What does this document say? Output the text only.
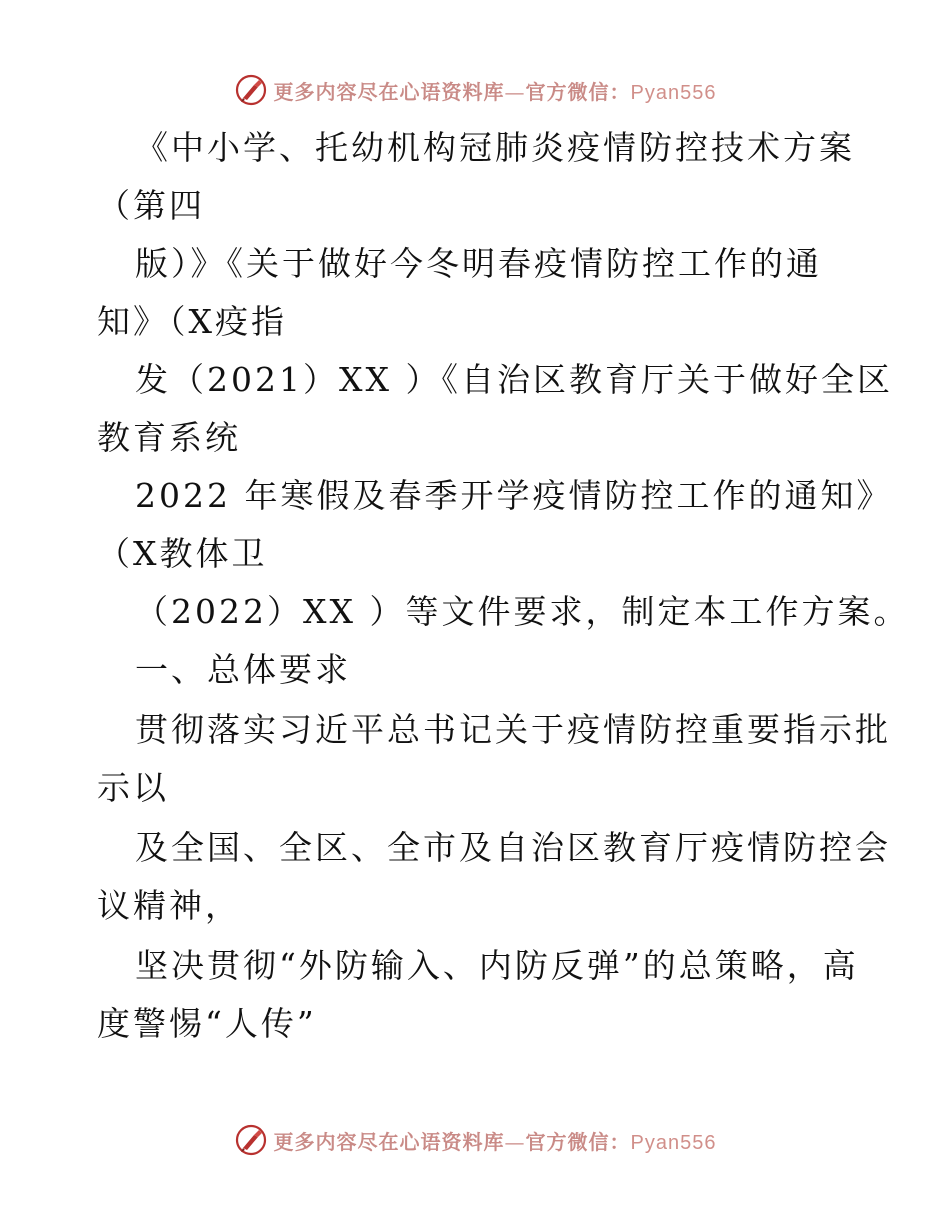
更多内容尽在心语资料库—官方微信：Pyan556
《中小学、托幼机构冠肺炎疫情防控技术方案
（第四
版）》《关于做好今冬明春疫情防控工作的通
知》（X疫指
发（2021）XX ）《自治区教育厅关于做好全区
教育系统
2022 年寒假及春季开学疫情防控工作的通知》
（X教体卫
（2022）XX ）等文件要求，制定本工作方案。
一、总体要求
贯彻落实习近平总书记关于疫情防控重要指示批
示以
及全国、全区、全市及自治区教育厅疫情防控会
议精神，
坚决贯彻“外防输入、内防反弹”的总策略，高
度警惕“人传”
更多内容尽在心语资料库—官方微信：Pyan556
